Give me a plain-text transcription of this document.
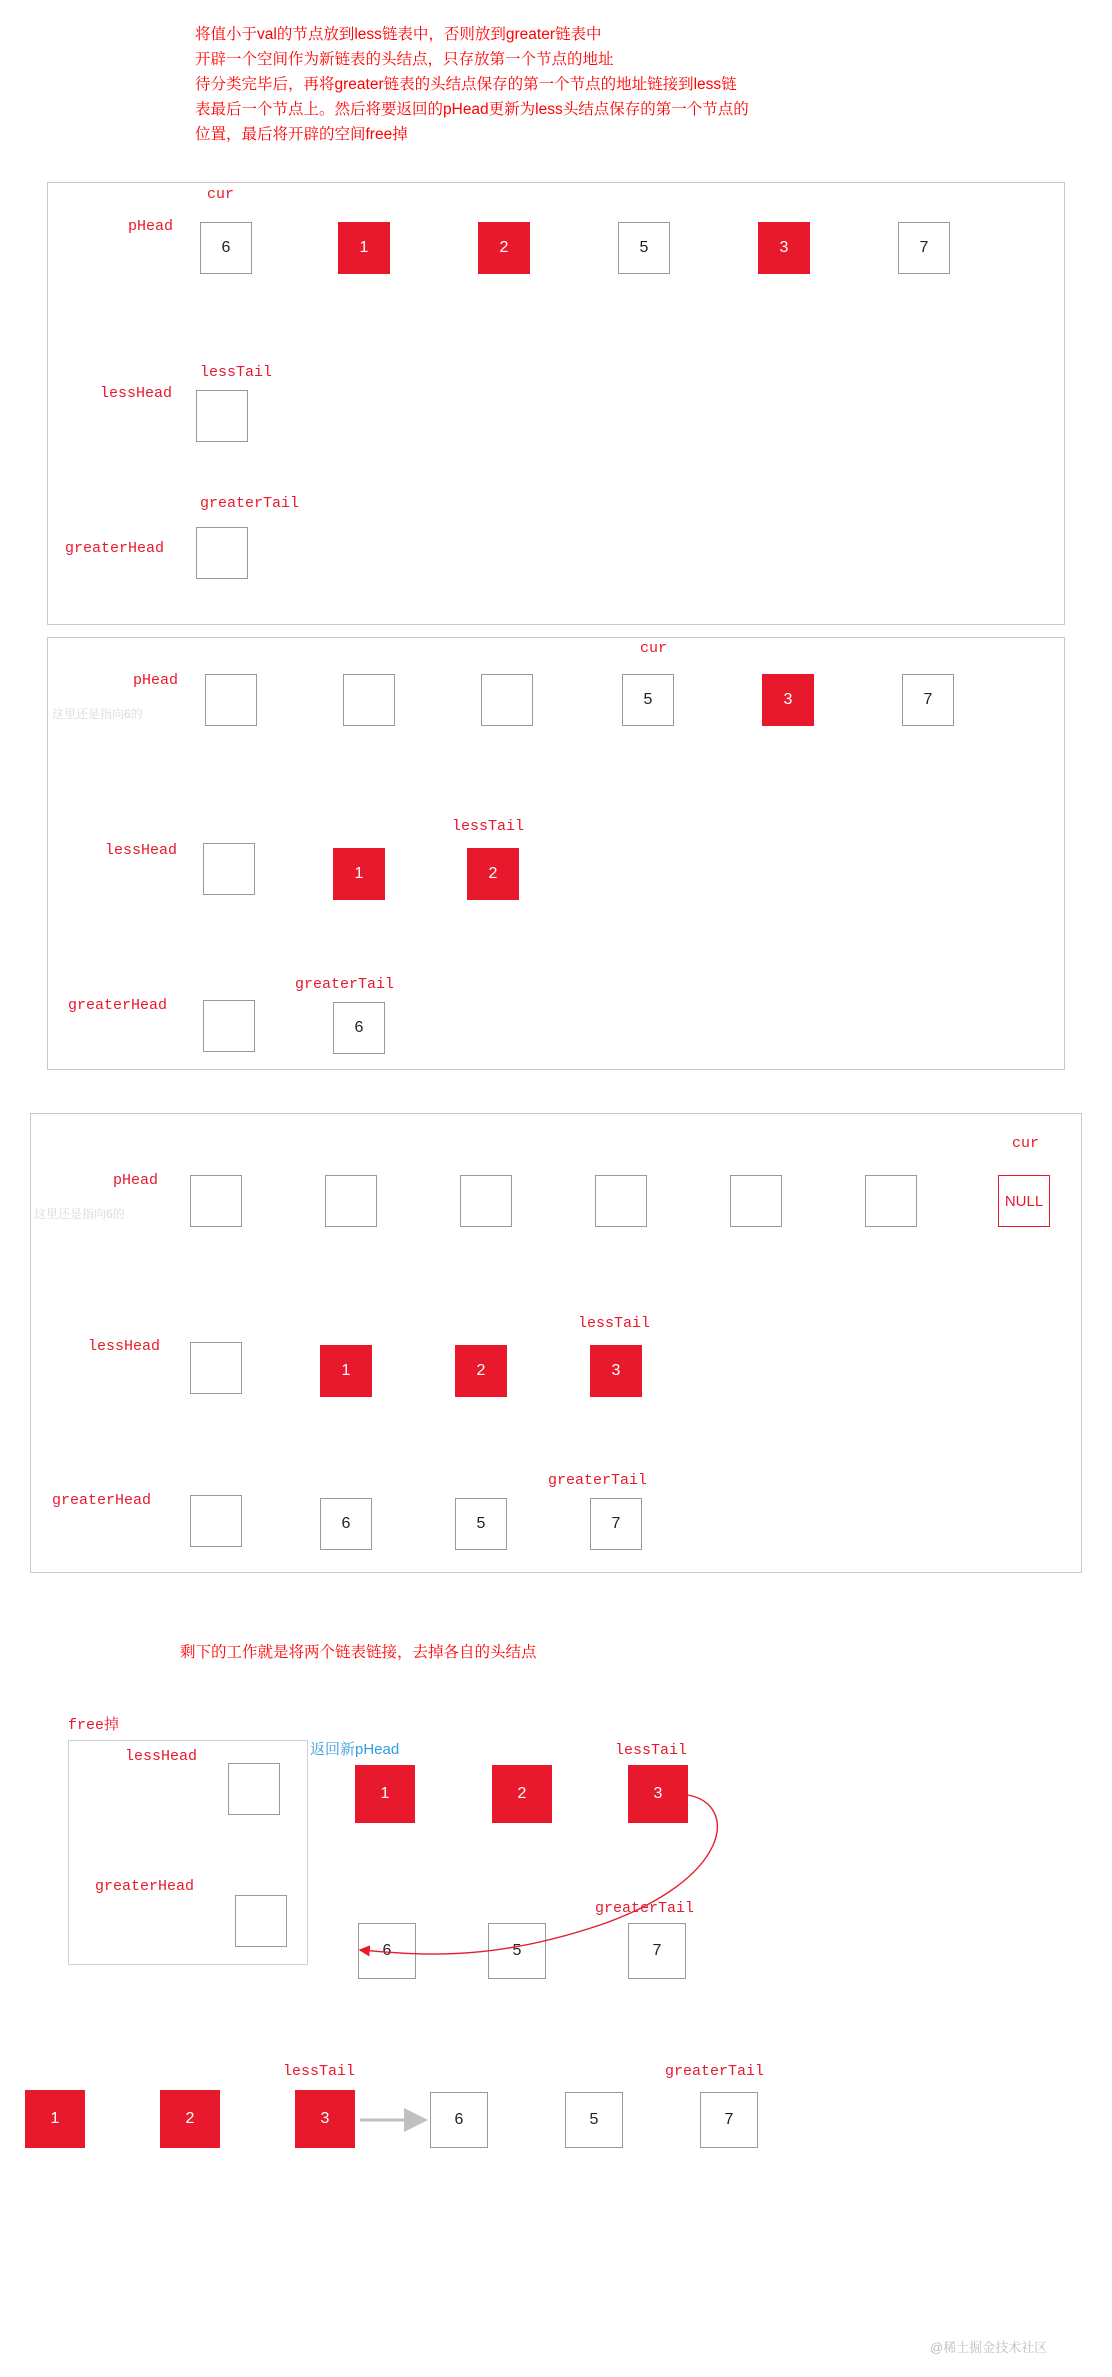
将值小于val的节点放到less链表中，否则放到greater链表中
开辟一个空间作为新链表的头结点，只存放第一个节点的地址
待分类完毕后，再将greater链表的头结点保存的第一个节点的地址链接到less链
表最后一个节点上。然后将要返回的pHead更新为less头结点保存的第一个节点的
位置，最后将开辟的空间free掉
cur
pHead
6	1	2	5	3	7
lessTail
lessHead
greaterTail
greaterHead
cur
pHead
这里还是指向6的
5	3	7
lessTail
lessHead
1	2
greaterTail
greaterHead
6
cur
pHead
这里还是指向6的
NULL
lessTail
lessHead
1	2	3
greaterTail
greaterHead
6	5	7
剩下的工作就是将两个链表链接，去掉各自的头结点
free掉
lessHead
greaterHead
返回新pHead	lessTail
1	2	3
greaterTail
6	5	7
lessTail	greaterTail
1	2	3	6	5	7
@稀土掘金技术社区
